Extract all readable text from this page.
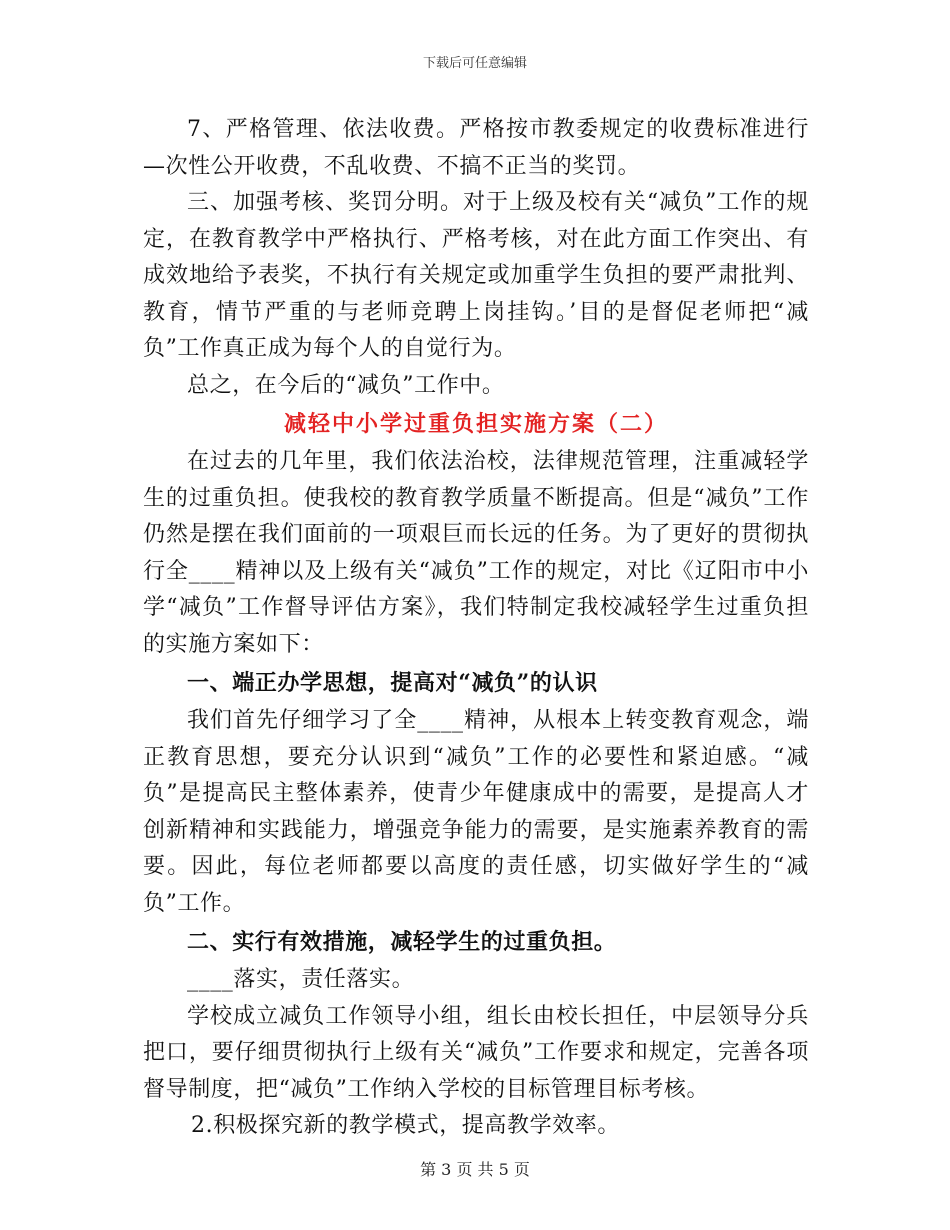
下载后可任意编辑

7、严格管理、依法收费。严格按市教委规定的收费标准进行—次性公开收费，不乱收费、不搞不正当的奖罚。

三、加强考核、奖罚分明。对于上级及校有关“减负”工作的规定，在教育教学中严格执行、严格考核，对在此方面工作突出、有成效地给予表奖，不执行有关规定或加重学生负担的要严肃批判、教育，情节严重的与老师竞聘上岗挂钩。’目的是督促老师把“减负”工作真正成为每个人的自觉行为。

总之，在今后的“减负”工作中。

减轻中小学过重负担实施方案（二）

在过去的几年里，我们依法治校，法律规范管理，注重减轻学生的过重负担。使我校的教育教学质量不断提高。但是“减负”工作仍然是摆在我们面前的一项艰巨而长远的任务。为了更好的贯彻执行全____精神以及上级有关“减负”工作的规定，对比《辽阳市中小学“减负”工作督导评估方案》，我们特制定我校减轻学生过重负担的实施方案如下：

一、端正办学思想，提高对“减负”的认识

我们首先仔细学习了全____精神，从根本上转变教育观念，端正教育思想，要充分认识到“减负”工作的必要性和紧迫感。“减负”是提高民主整体素养，使青少年健康成中的需要，是提高人才创新精神和实践能力，增强竞争能力的需要，是实施素养教育的需要。因此，每位老师都要以高度的责任感，切实做好学生的“减负”工作。

二、实行有效措施，减轻学生的过重负担。

____落实，责任落实。

学校成立减负工作领导小组，组长由校长担任，中层领导分兵把口，要仔细贯彻执行上级有关“减负”工作要求和规定，完善各项督导制度，把“减负”工作纳入学校的目标管理目标考核。

2.积极探究新的教学模式，提高教学效率。

第 3 页 共 5 页
